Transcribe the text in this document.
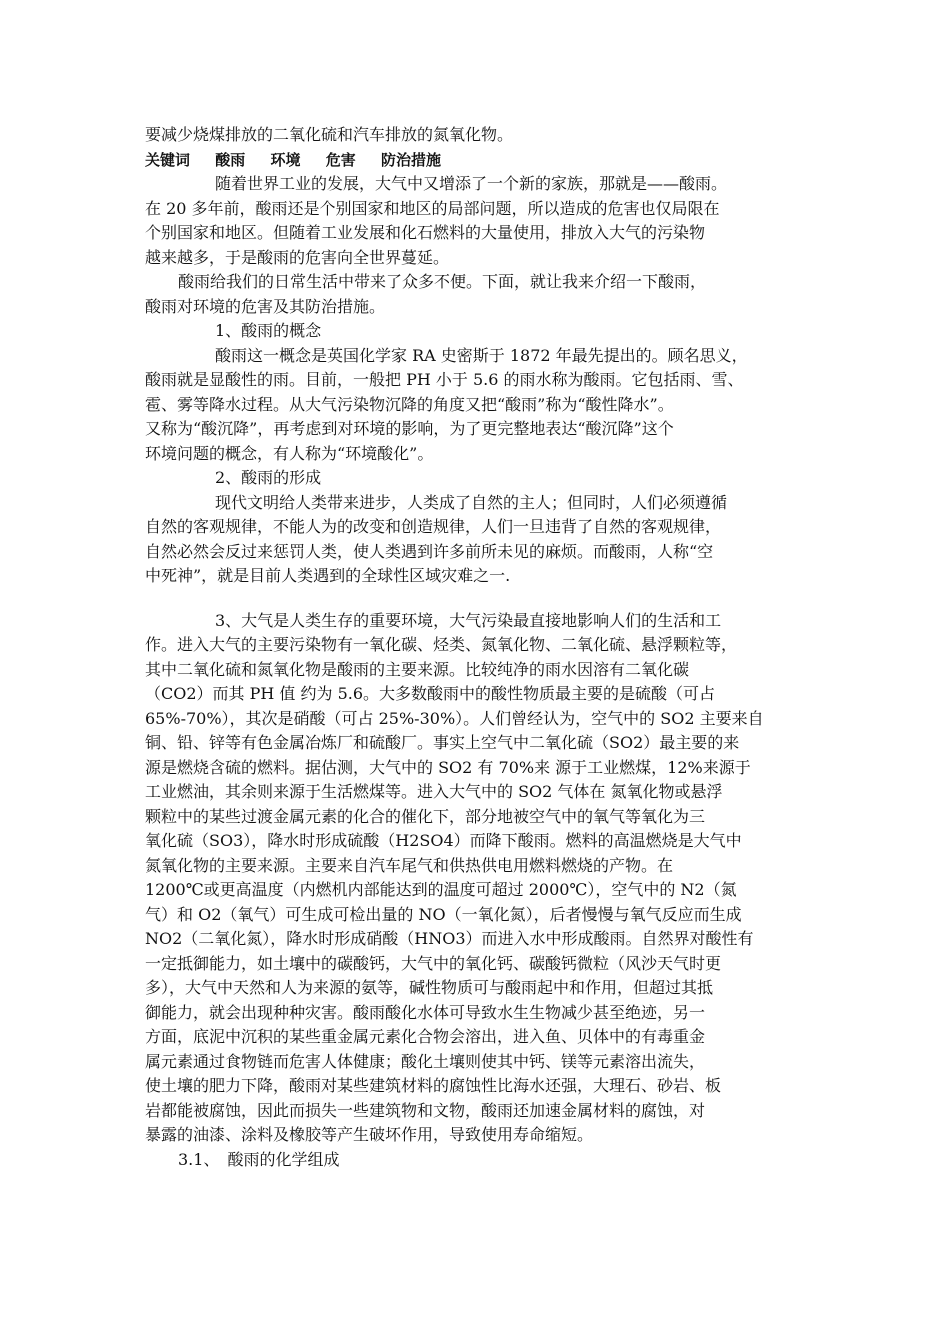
要减少烧煤排放的二氧化硫和汽车排放的氮氧化物。
关键词 酸雨 环境 危害 防治措施
随着世界工业的发展，大气中又增添了一个新的家族，那就是——酸雨。
在 20 多年前，酸雨还是个别国家和地区的局部问题，所以造成的危害也仅局限在
个别国家和地区。但随着工业发展和化石燃料的大量使用，排放入大气的污染物
越来越多，于是酸雨的危害向全世界蔓延。
酸雨给我们的日常生活中带来了众多不便。下面，就让我来介绍一下酸雨，
酸雨对环境的危害及其防治措施。
1、酸雨的概念
酸雨这一概念是英国化学家 RA 史密斯于 1872 年最先提出的。顾名思义，
酸雨就是显酸性的雨。目前，一般把 PH 小于 5.6 的雨水称为酸雨。它包括雨、雪、
雹、雾等降水过程。从大气污染物沉降的角度又把“酸雨”称为“酸性降水”。
又称为“酸沉降”，再考虑到对环境的影响，为了更完整地表达“酸沉降”这个
环境问题的概念，有人称为“环境酸化”。
2、酸雨的形成
现代文明给人类带来进步，人类成了自然的主人；但同时，人们必须遵循
自然的客观规律，不能人为的改变和创造规律，人们一旦违背了自然的客观规律，
自然必然会反过来惩罚人类，使人类遇到许多前所未见的麻烦。而酸雨，人称“空
中死神”，就是目前人类遇到的全球性区域灾难之一.
3、大气是人类生存的重要环境，大气污染最直接地影响人们的生活和工
作。进入大气的主要污染物有一氧化碳、烃类、氮氧化物、二氧化硫、悬浮颗粒等，
其中二氧化硫和氮氧化物是酸雨的主要来源。比较纯净的雨水因溶有二氧化碳
（CO2）而其 PH 值 约为 5.6。大多数酸雨中的酸性物质最主要的是硫酸（可占
65%-70%），其次是硝酸（可占 25%-30%）。人们曾经认为，空气中的 SO2 主要来自
铜、铅、锌等有色金属冶炼厂和硫酸厂。事实上空气中二氧化硫（SO2）最主要的来
源是燃烧含硫的燃料。据估测，大气中的 SO2 有 70%来 源于工业燃煤，12%来源于
工业燃油，其余则来源于生活燃煤等。进入大气中的 SO2 气体在 氮氧化物或悬浮
颗粒中的某些过渡金属元素的化合的催化下，部分地被空气中的氧气等氧化为三
氧化硫（SO3），降水时形成硫酸（H2SO4）而降下酸雨。燃料的高温燃烧是大气中
氮氧化物的主要来源。主要来自汽车尾气和供热供电用燃料燃烧的产物。在
1200℃或更高温度（内燃机内部能达到的温度可超过 2000℃），空气中的 N2（氮
气）和 O2（氧气）可生成可检出量的 NO（一氧化氮），后者慢慢与氧气反应而生成
NO2（二氧化氮），降水时形成硝酸（HNO3）而进入水中形成酸雨。自然界对酸性有
一定抵御能力，如土壤中的碳酸钙，大气中的氧化钙、碳酸钙微粒（风沙天气时更
多），大气中天然和人为来源的氨等，碱性物质可与酸雨起中和作用，但超过其抵
御能力，就会出现种种灾害。酸雨酸化水体可导致水生生物减少甚至绝迹，另一
方面，底泥中沉积的某些重金属元素化合物会溶出，进入鱼、贝体中的有毒重金
属元素通过食物链而危害人体健康；酸化土壤则使其中钙、镁等元素溶出流失，
使土壤的肥力下降，酸雨对某些建筑材料的腐蚀性比海水还强，大理石、砂岩、板
岩都能被腐蚀，因此而损失一些建筑物和文物，酸雨还加速金属材料的腐蚀，对
暴露的油漆、涂料及橡胶等产生破坏作用，导致使用寿命缩短。
3.1、　酸雨的化学组成
